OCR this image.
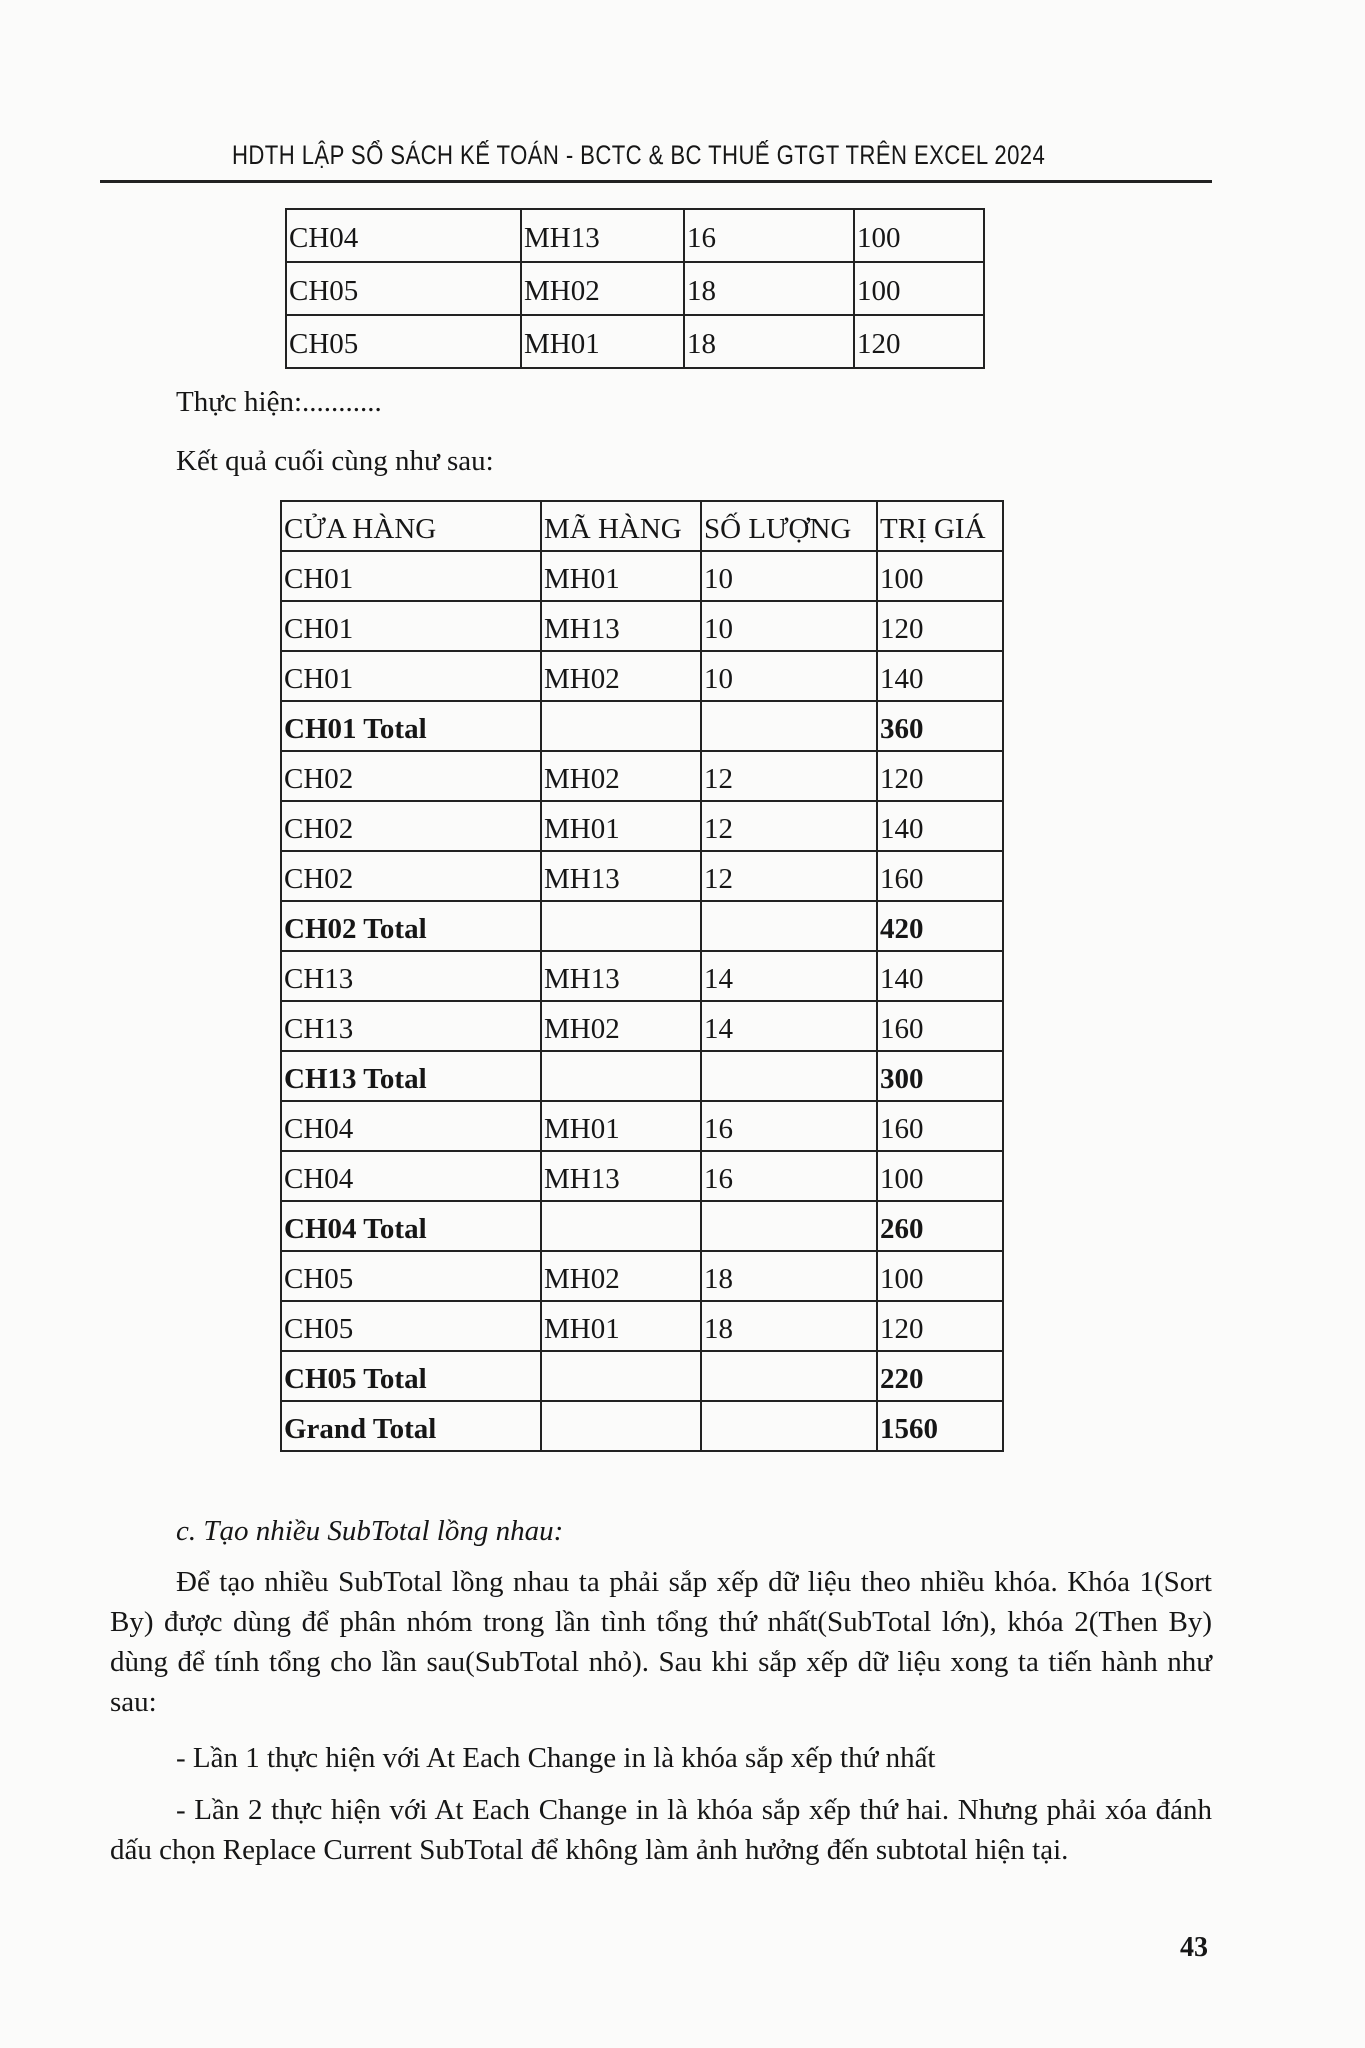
HDTH LẬP SỔ SÁCH KẾ TOÁN - BCTC & BC THUẾ GTGT TRÊN EXCEL 2024
CH04	MH13	16	100
CH05	MH02	18	100
CH05	MH01	18	120

Thực hiện:...........

Kết quả cuối cùng như sau:

CỬA HÀNG	MÃ HÀNG	SỐ LƯỢNG	TRỊ GIÁ
CH01	MH01	10	100
CH01	MH13	10	120
CH01	MH02	10	140
CH01 Total			360
CH02	MH02	12	120
CH02	MH01	12	140
CH02	MH13	12	160
CH02 Total			420
CH13	MH13	14	140
CH13	MH02	14	160
CH13 Total			300
CH04	MH01	16	160
CH04	MH13	16	100
CH04 Total			260
CH05	MH02	18	100
CH05	MH01	18	120
CH05 Total			220
Grand Total			1560

c. Tạo nhiều SubTotal lồng nhau:

Để tạo nhiều SubTotal lồng nhau ta phải sắp xếp dữ liệu theo nhiều khóa. Khóa 1(Sort By) được dùng để phân nhóm trong lần tình tổng thứ nhất(SubTotal lớn), khóa 2(Then By) dùng để tính tổng cho lần sau(SubTotal nhỏ). Sau khi sắp xếp dữ liệu xong ta tiến hành như sau:

- Lần 1 thực hiện với At Each Change in là khóa sắp xếp thứ nhất

- Lần 2 thực hiện với At Each Change in là khóa sắp xếp thứ hai. Nhưng phải xóa đánh dấu chọn Replace Current SubTotal để không làm ảnh hưởng đến subtotal hiện tại.

43
